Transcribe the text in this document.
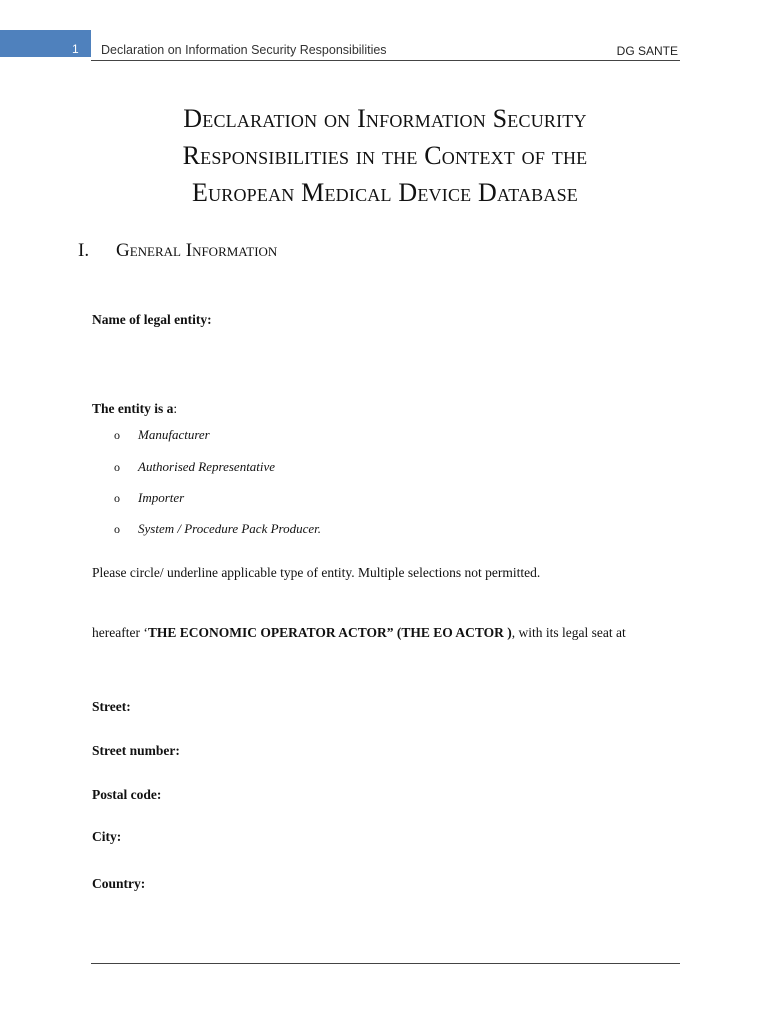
1 Declaration on Information Security Responsibilities	DG SANTE
Declaration on Information Security
Responsibilities in the Context of the
European Medical Device Database
I. General Information
Name of legal entity:
The entity is a:
o Manufacturer
o Authorised Representative
o Importer
o System / Procedure Pack Producer.
Please circle/ underline applicable type of entity. Multiple selections not permitted.
hereafter ‘THE ECONOMIC OPERATOR ACTOR” (THE EO ACTOR ), with its legal seat at
Street:
Street number:
Postal code:
City:
Country:
